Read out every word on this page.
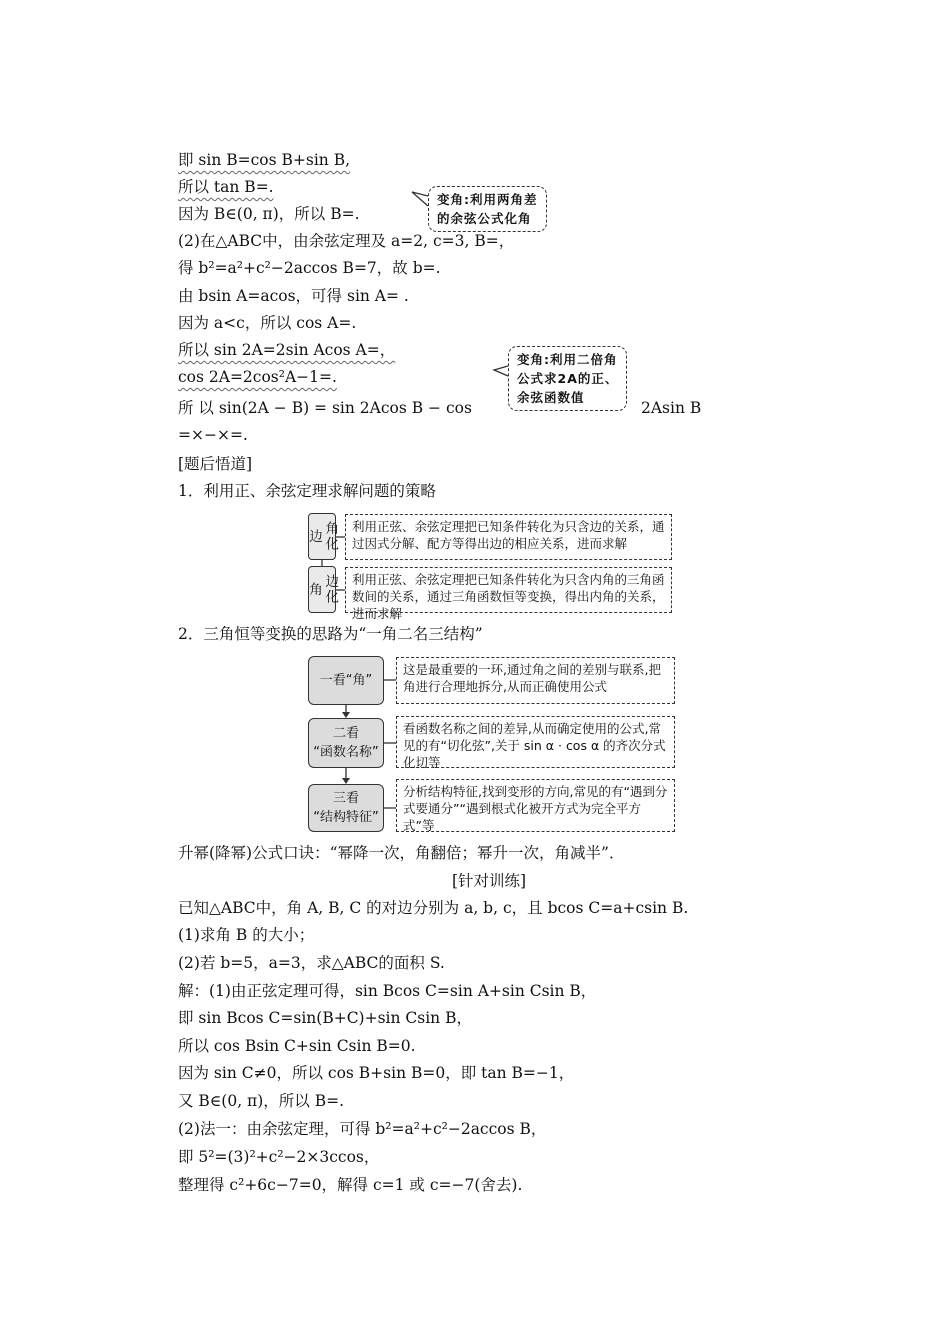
即 sin B=cos B+sin B,
所以 tan B=.
因为 B∈(0, π)，所以 B=.
变角:利用两角差
的余弦公式化角
(2)在△ABC中，由余弦定理及 a=2, c=3, B=，
得 b²=a²+c²−2accos B=7，故 b=.
由 bsin A=acos，可得 sin A= .
因为 a<c，所以 cos A=.
所以 sin 2A=2sin Acos A=，
cos 2A=2cos²A−1=.
变角:利用二倍角
公式求2A的正、
余弦函数值
所 以 sin(2A − B) = sin 2Acos B − cos	2Asin B
=×−×=.
[题后悟道]
1．利用正、余弦定理求解问题的策略
角化边
利用正弦、余弦定理把已知条件转化为只含边的关系，通过因式分解、配方等得出边的相应关系，进而求解
边化角
利用正弦、余弦定理把已知条件转化为只含内角的三角函数间的关系，通过三角函数恒等变换，得出内角的关系，进而求解
2．三角恒等变换的思路为“一角二名三结构”
一看“角”
这是最重要的一环,通过角之间的差别与联系,把角进行合理地拆分,从而正确使用公式
二看
“函数名称”
看函数名称之间的差异,从而确定使用的公式,常见的有“切化弦”,关于 sin α · cos α 的齐次分式化切等
三看
“结构特征”
分析结构特征,找到变形的方向,常见的有“遇到分式要通分”“遇到根式化被开方式为完全平方式”等
升幂(降幂)公式口诀：“幂降一次，角翻倍；幂升一次，角减半”．
[针对训练]
已知△ABC中，角 A, B, C 的对边分别为 a, b, c，且 bcos C=a+csin B.
(1)求角 B 的大小；
(2)若 b=5，a=3，求△ABC的面积 S.
解：(1)由正弦定理可得，sin Bcos C=sin A+sin Csin B，
即 sin Bcos C=sin(B+C)+sin Csin B，
所以 cos Bsin C+sin Csin B=0.
因为 sin C≠0，所以 cos B+sin B=0，即 tan B=−1，
又 B∈(0, π)，所以 B=.
(2)法一：由余弦定理，可得 b²=a²+c²−2accos B，
即 5²=(3)²+c²−2×3ccos，
整理得 c²+6c−7=0，解得 c=1 或 c=−7(舍去).
